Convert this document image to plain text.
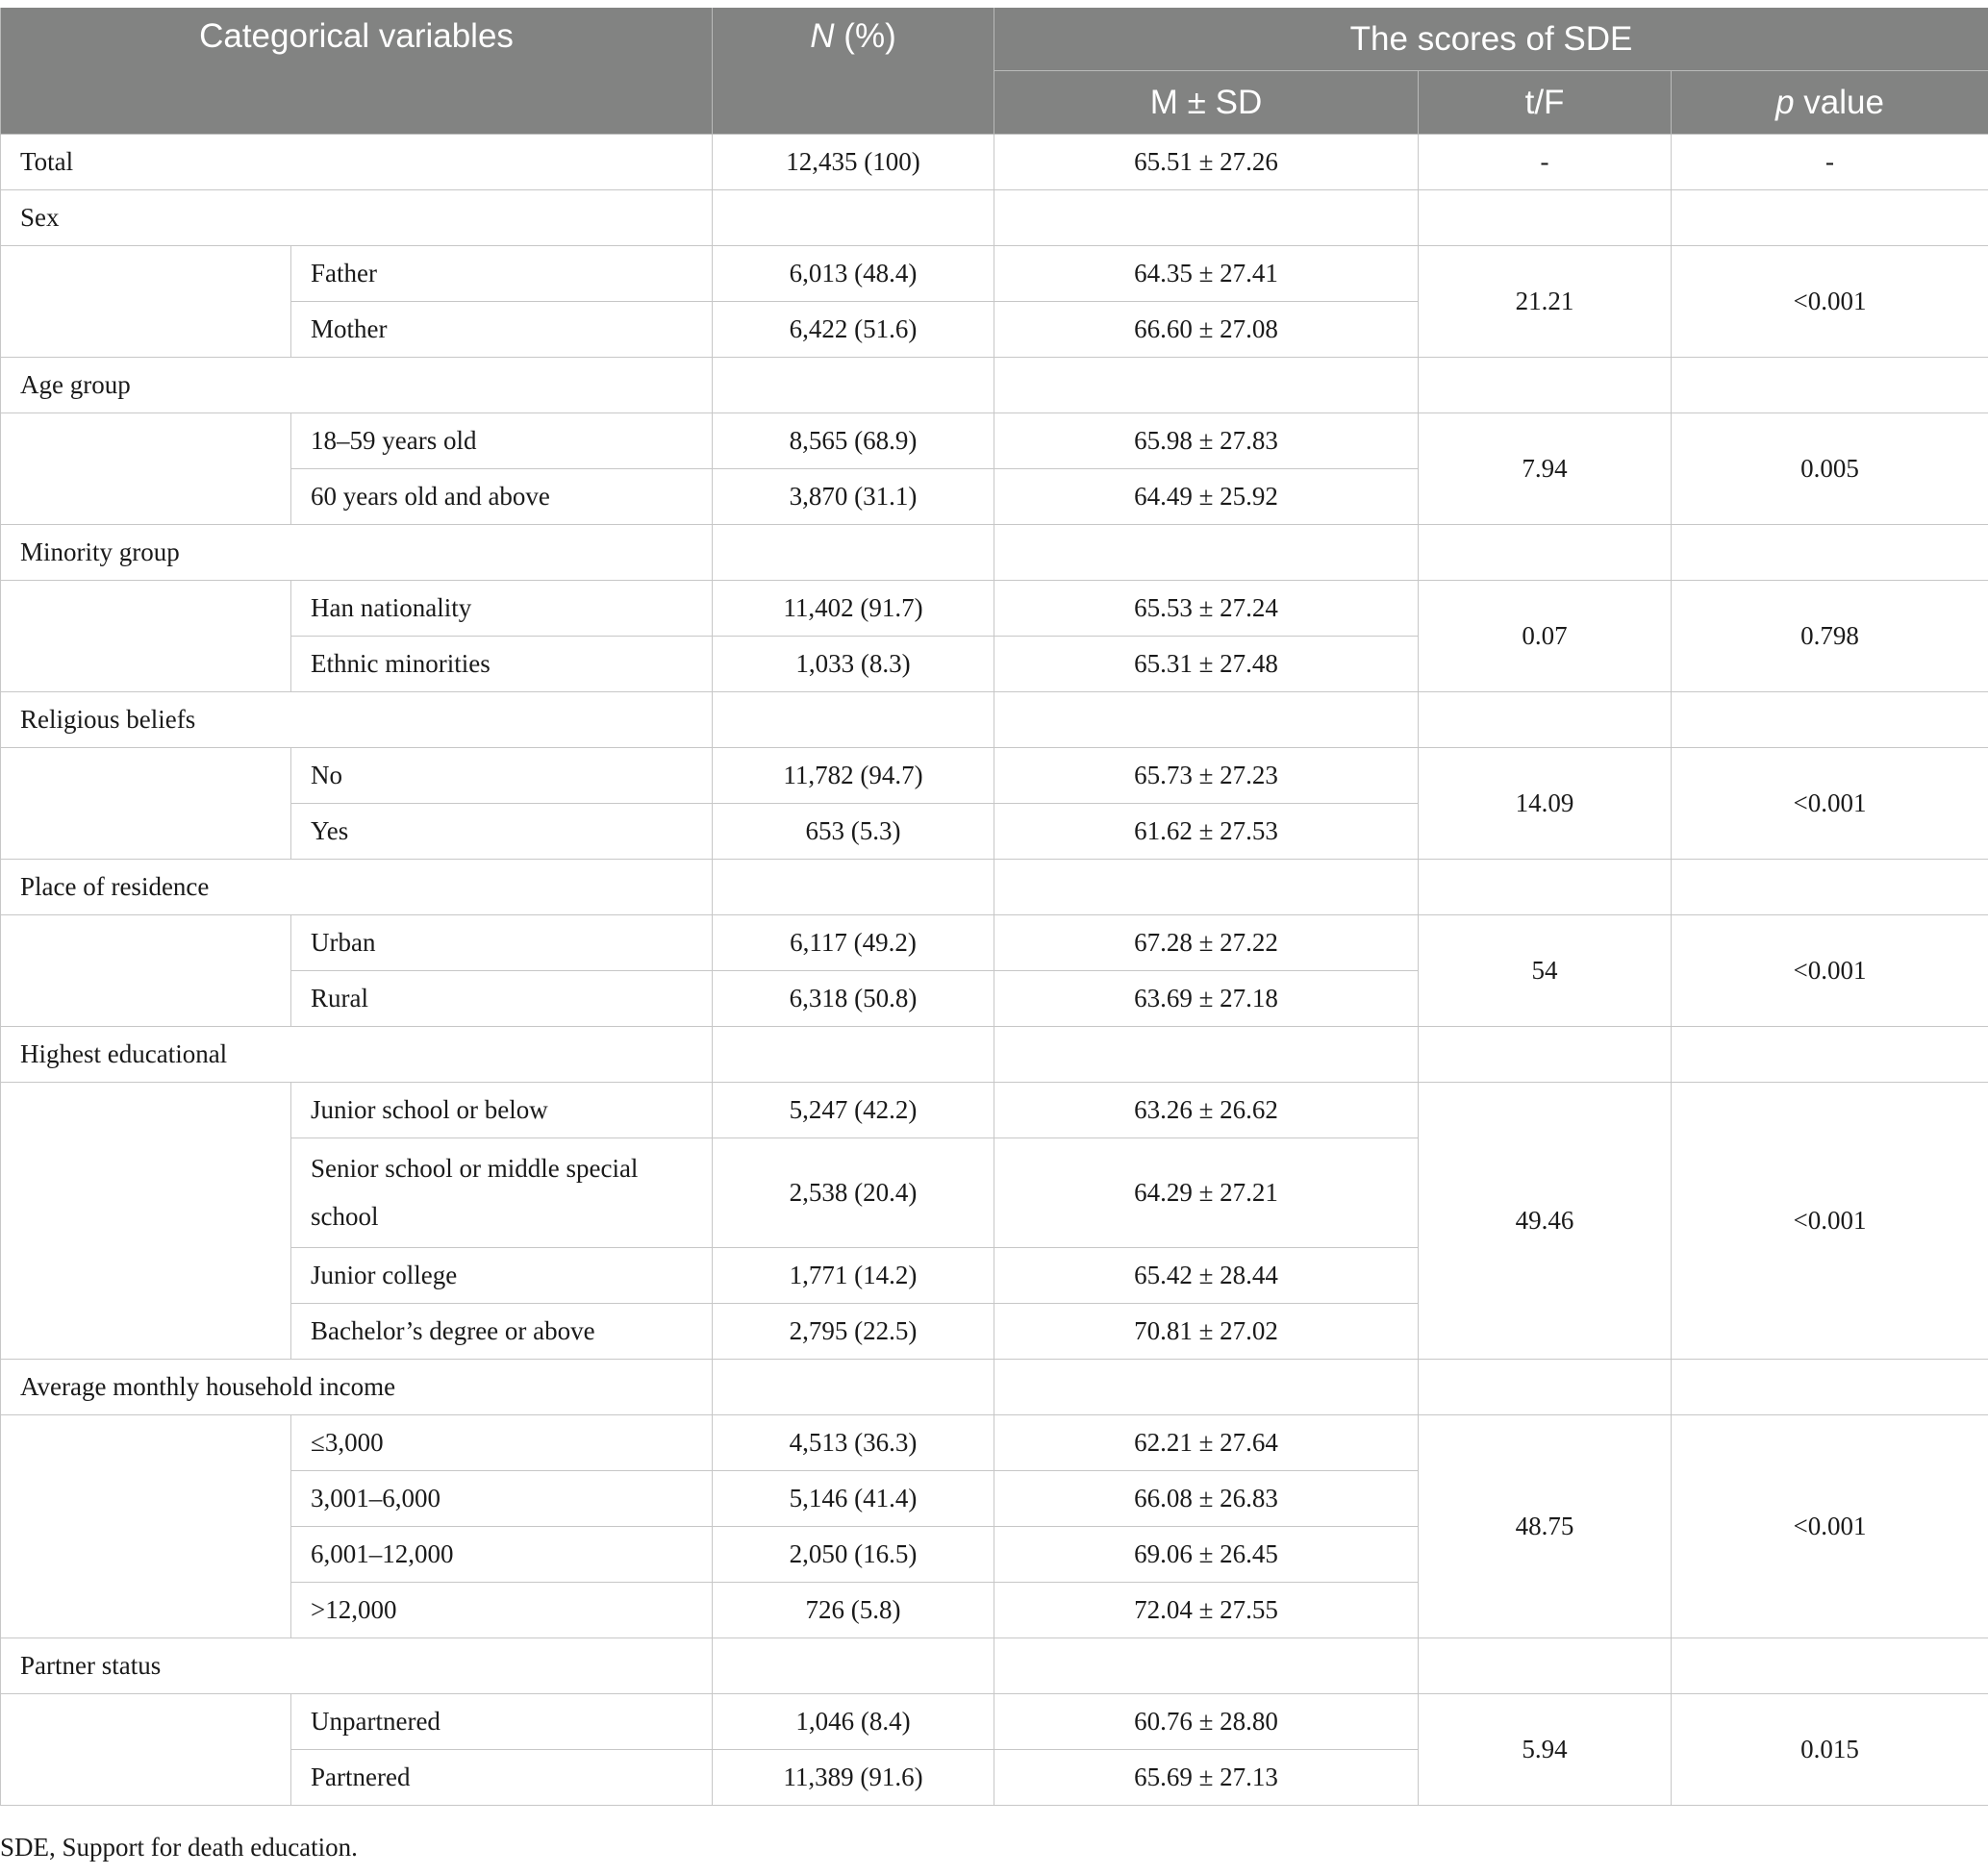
Categorical variables		N (%)	The scores of SDE		
			M ± SD	t/F	p value
Total		12,435 (100)	65.51 ± 27.26	-	-
Sex					
	Father	6,013 (48.4)	64.35 ± 27.41	21.21	<0.001
	Mother	6,422 (51.6)	66.60 ± 27.08		
Age group					
	18–59 years old	8,565 (68.9)	65.98 ± 27.83	7.94	0.005
	60 years old and above	3,870 (31.1)	64.49 ± 25.92		
Minority group					
	Han nationality	11,402 (91.7)	65.53 ± 27.24	0.07	0.798
	Ethnic minorities	1,033 (8.3)	65.31 ± 27.48		
Religious beliefs					
	No	11,782 (94.7)	65.73 ± 27.23	14.09	<0.001
	Yes	653 (5.3)	61.62 ± 27.53		
Place of residence					
	Urban	6,117 (49.2)	67.28 ± 27.22	54	<0.001
	Rural	6,318 (50.8)	63.69 ± 27.18		
Highest educational					
	Junior school or below	5,247 (42.2)	63.26 ± 26.62	49.46	<0.001
	Senior school or middle special school	2,538 (20.4)	64.29 ± 27.21		
	Junior college	1,771 (14.2)	65.42 ± 28.44		
	Bachelor’s degree or above	2,795 (22.5)	70.81 ± 27.02		
Average monthly household income					
	≤3,000	4,513 (36.3)	62.21 ± 27.64	48.75	<0.001
	3,001–6,000	5,146 (41.4)	66.08 ± 26.83		
	6,001–12,000	2,050 (16.5)	69.06 ± 26.45		
	>12,000	726 (5.8)	72.04 ± 27.55		
Partner status					
	Unpartnered	1,046 (8.4)	60.76 ± 28.80	5.94	0.015
	Partnered	11,389 (91.6)	65.69 ± 27.13		
SDE, Support for death education.
